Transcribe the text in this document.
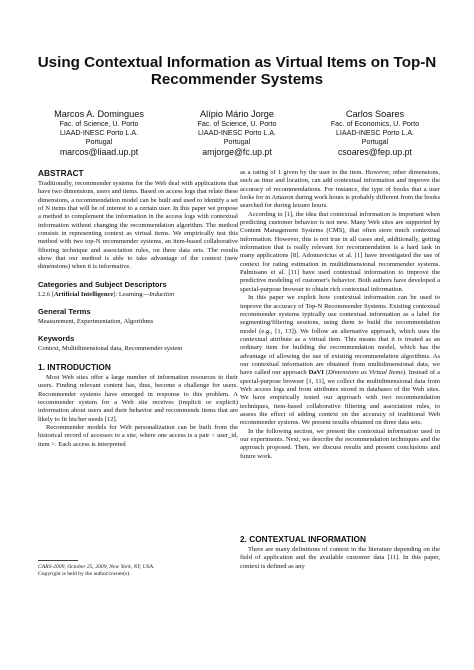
Using Contextual Information as Virtual Items on Top-N Recommender Systems
Marcos A. Domingues
Fac. of Science, U. Porto
LIAAD-INESC Porto L.A.
Portugal
marcos@liaad.up.pt
Alípio Mário Jorge
Fac. of Science, U. Porto
LIAAD-INESC Porto L.A.
Portugal
amjorge@fc.up.pt
Carlos Soares
Fac. of Economics, U. Porto
LIAAD-INESC Porto L.A.
Portugal
csoares@fep.up.pt
ABSTRACT

Traditionally, recommender systems for the Web deal with applications that have two dimensions, users and items. Based on access logs that relate these dimensions, a recommendation model can be built and used to identify a set of N items that will be of interest to a certain user. In this paper we propose a method to complement the information in the access logs with contextual information without changing the recommendation algorithm. The method consists in representing context as virtual items. We empirically test this method with two top-N recommender systems, an item-based collaborative filtering technique and association rules, on three data sets. The results show that our method is able to take advantage of the context (new dimensions) when it is informative.

Categories and Subject Descriptors

I.2.6 [Artificial Intelligence]: Learning—Induction

General Terms

Measurement, Experimentation, Algorithms

Keywords

Context, Multidimensional data, Recommender system

1. INTRODUCTION

Most Web sites offer a large number of information resources to their users. Finding relevant content has, thus, become a challenge for users. Recommender systems have emerged in response to this problem. A recommender system for a Web site receives (implicit or explicit) information about users and their behavior and recommends items that are likely to fit his/her needs [12].

Recommender models for Web personalization can be built from the historical record of accesses to a site, where one access is a pair < user_id, item >. Each access is interpreted

CARS-2009, October 25, 2009, New York, NY, USA.

Copyright is held by the author/owner(s).

as a rating of 1 given by the user to the item. However, other dimensions, such as time and location, can add contextual information and improve the accuracy of recommendations. For instance, the type of books that a user looks for in Amazon during work hours is probably different from the books searched for during leisure hours.

According to [1], the idea that contextual information is important when predicting customer behavior is not new. Many Web sites are supported by Content Management Systems (CMS), that often store much contextual information. However, this is not true in all cases and, additionally, getting information that is really relevant for recommendation is a hard task in many applications [8]. Adomavicius et al. [1] have investigated the use of context for rating estimation in multidimensional recommender systems. Palmisano et al. [11] have used contextual information to improve the predictive modeling of customer's behavior. Both authors have developed a special-purpose browser to obtain rich contextual information.

In this paper we exploit how contextual information can be used to improve the accuracy of Top-N Recommender Systems. Existing contextual recommender systems typically use contextual information as a label for segmenting/filtering sessions, using them to build the recommendation model (e.g., [1, 13]). We follow an alternative approach, which uses the contextual attribute as a virtual item. This means that it is treated as an ordinary item for building the recommendation model, which has the advantage of allowing the use of existing recommendation algorithms. As our contextual information are obtained from multidimensional data, we have called our approach DaVI (Dimensions as Virtual Items). Instead of a special-purpose browser [1, 11], we collect the multidimensional data from Web access logs and from attributes stored in databases of the Web sites. We have empirically tested our approach with two recommendation techniques, item-based collaborative filtering and association rules, to assess the effect of adding context on the accuracy of traditional Web recommender systems. We present results obtained on three data sets.

In the following section, we present the contextual information used in our experiments. Next, we describe the recommendation techniques and the approach proposed. Then, we discuss results and present conclusions and future work.

2. CONTEXTUAL INFORMATION

There are many definitions of context in the literature depending on the field of application and the available customer data [11]. In this paper, context is defined as any
